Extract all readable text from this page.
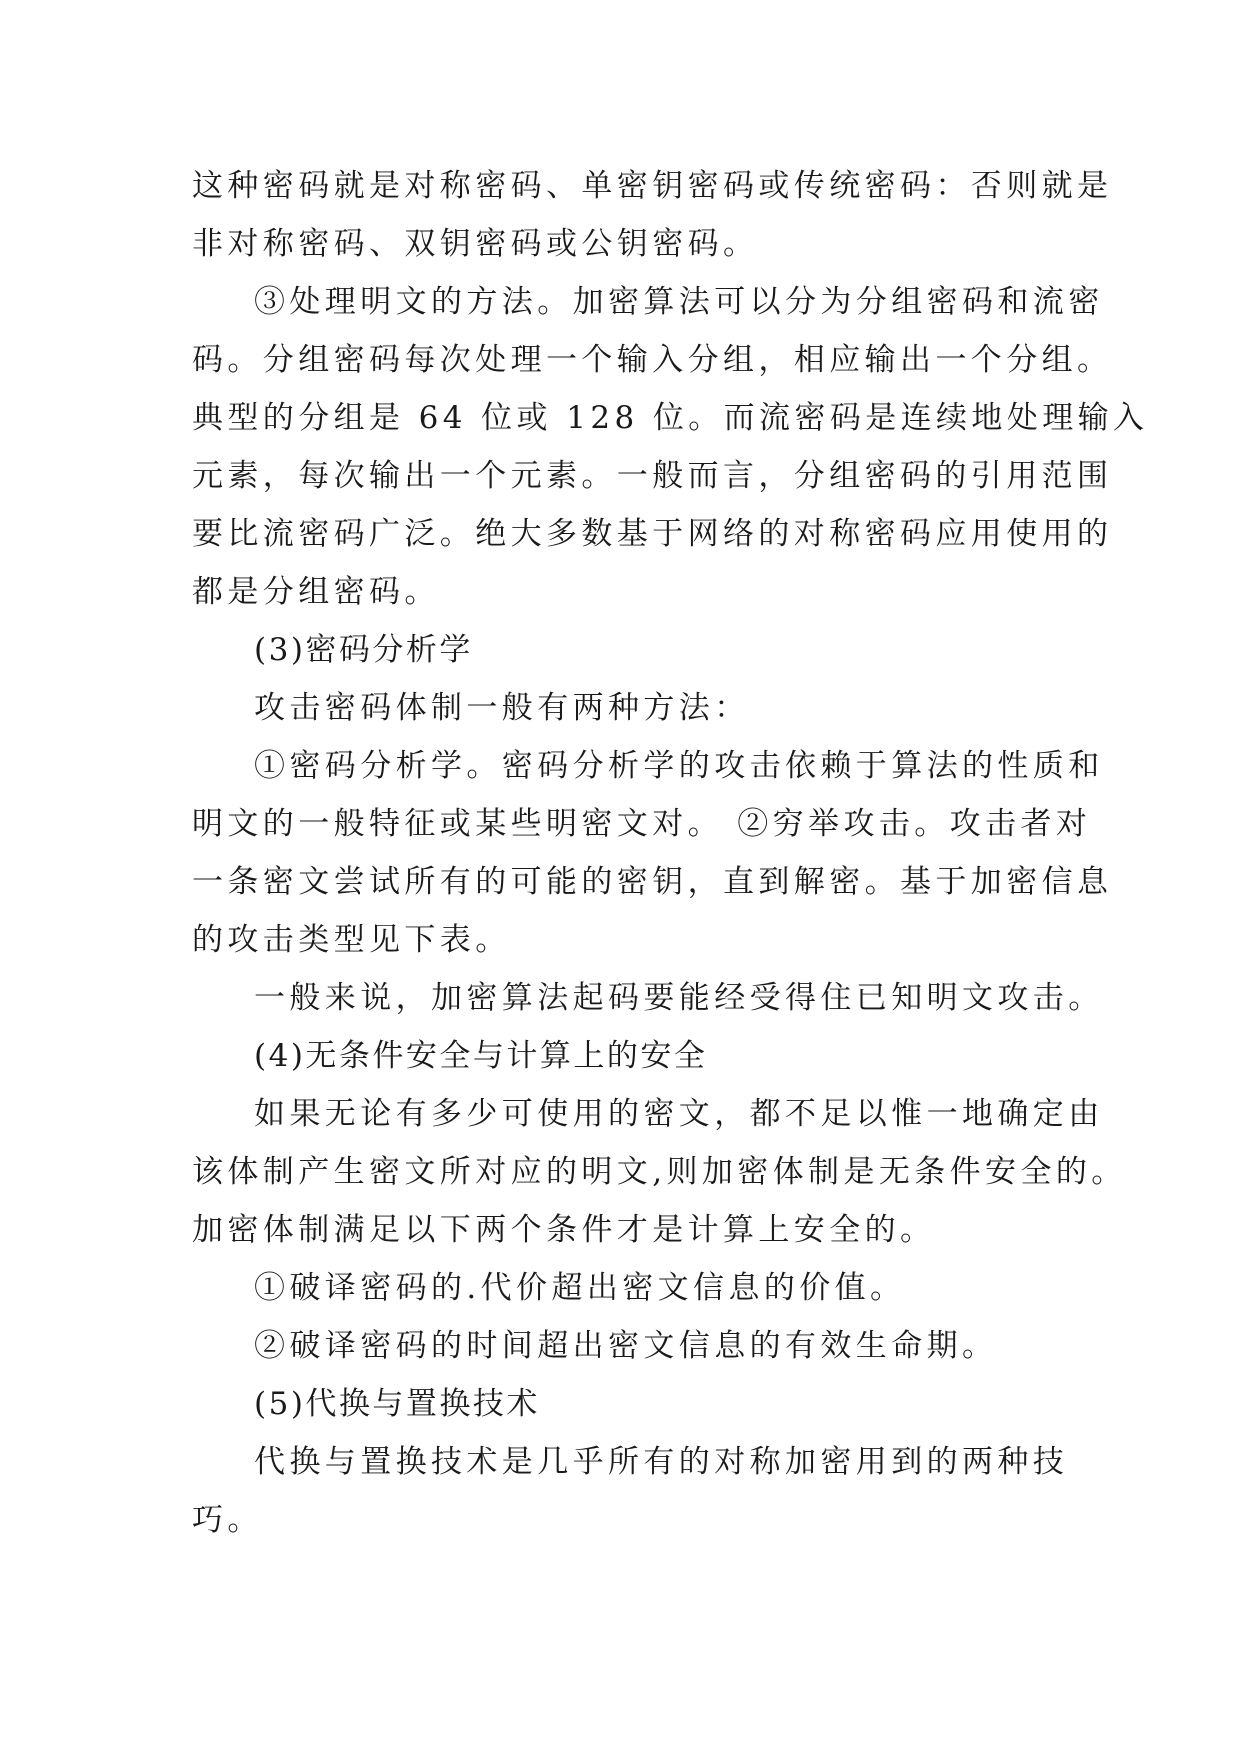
这种密码就是对称密码、单密钥密码或传统密码：否则就是
非对称密码、双钥密码或公钥密码。
③处理明文的方法。加密算法可以分为分组密码和流密
码。分组密码每次处理一个输入分组，相应输出一个分组。
典型的分组是 64 位或 128 位。而流密码是连续地处理输入
元素，每次输出一个元素。一般而言，分组密码的引用范围
要比流密码广泛。绝大多数基于网络的对称密码应用使用的
都是分组密码。
(3)密码分析学
攻击密码体制一般有两种方法：
①密码分析学。密码分析学的攻击依赖于算法的性质和
明文的一般特征或某些明密文对。 ②穷举攻击。攻击者对
一条密文尝试所有的可能的密钥，直到解密。基于加密信息
的攻击类型见下表。
一般来说，加密算法起码要能经受得住已知明文攻击。
(4)无条件安全与计算上的安全
如果无论有多少可使用的密文，都不足以惟一地确定由
该体制产生密文所对应的明文,则加密体制是无条件安全的。
加密体制满足以下两个条件才是计算上安全的。
①破译密码的.代价超出密文信息的价值。
②破译密码的时间超出密文信息的有效生命期。
(5)代换与置换技术
代换与置换技术是几乎所有的对称加密用到的两种技
巧。
